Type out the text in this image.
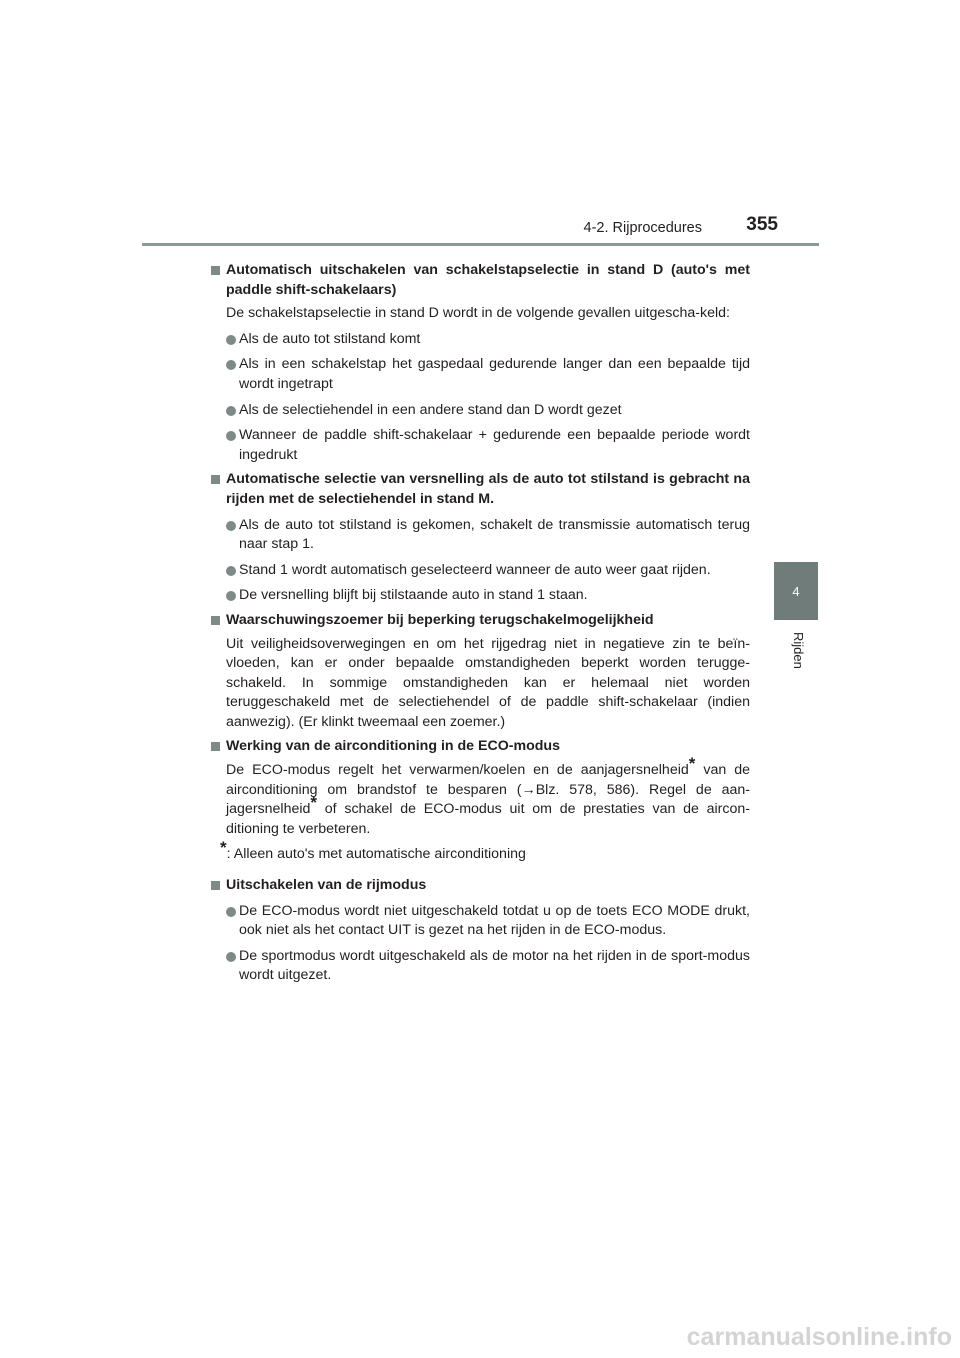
4-2. Rijprocedures	355
4
Rijden
Automatisch uitschakelen van schakelstapselectie in stand D (auto's met paddle shift-schakelaars)
De schakelstapselectie in stand D wordt in de volgende gevallen uitgescha-keld:
Als de auto tot stilstand komt
Als in een schakelstap het gaspedaal gedurende langer dan een bepaalde tijd wordt ingetrapt
Als de selectiehendel in een andere stand dan D wordt gezet
Wanneer de paddle shift-schakelaar + gedurende een bepaalde periode wordt ingedrukt
Automatische selectie van versnelling als de auto tot stilstand is gebracht na rijden met de selectiehendel in stand M.
Als de auto tot stilstand is gekomen, schakelt de transmissie automatisch terug naar stap 1.
Stand 1 wordt automatisch geselecteerd wanneer de auto weer gaat rijden.
De versnelling blijft bij stilstaande auto in stand 1 staan.
Waarschuwingszoemer bij beperking terugschakelmogelijkheid
Uit veiligheidsoverwegingen en om het rijgedrag niet in negatieve zin te beïn-vloeden, kan er onder bepaalde omstandigheden beperkt worden terugge-schakeld. In sommige omstandigheden kan er helemaal niet worden teruggeschakeld met de selectiehendel of de paddle shift-schakelaar (indien aanwezig). (Er klinkt tweemaal een zoemer.)
Werking van de airconditioning in de ECO-modus
De ECO-modus regelt het verwarmen/koelen en de aanjagersnelheid* van de airconditioning om brandstof te besparen (→Blz. 578, 586). Regel de aan-jagersnelheid* of schakel de ECO-modus uit om de prestaties van de aircon-ditioning te verbeteren.
*: Alleen auto's met automatische airconditioning
Uitschakelen van de rijmodus
De ECO-modus wordt niet uitgeschakeld totdat u op de toets ECO MODE drukt, ook niet als het contact UIT is gezet na het rijden in de ECO-modus.
De sportmodus wordt uitgeschakeld als de motor na het rijden in de sport-modus wordt uitgezet.
carmanualsonline.info
